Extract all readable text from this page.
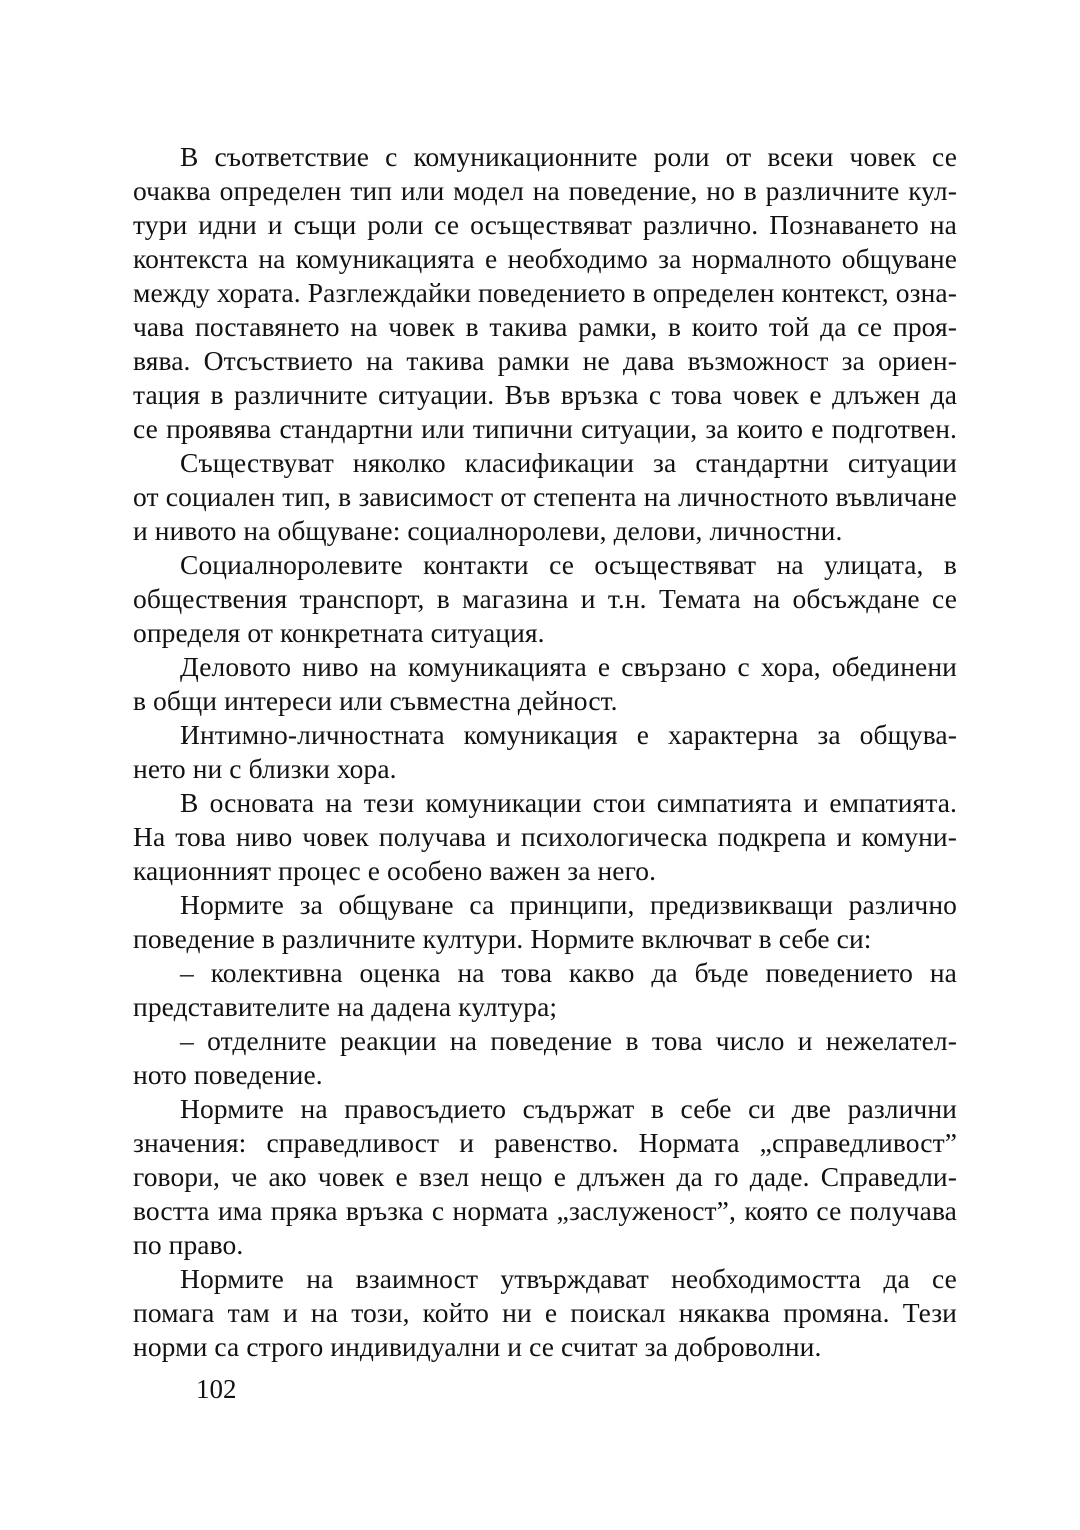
В съответствие с комуникационните роли от всеки човек се
очаква определен тип или модел на поведение, но в различните кул-
тури идни и същи роли се осъществяват различно. Познаването на
контекста на комуникацията е необходимо за нормалното общуване
между хората. Разглеждайки поведението в определен контекст, озна-
чава поставянето на човек в такива рамки, в които той да се проя-
вява. Отсъствието на такива рамки не дава възможност за ориен-
тация в различните ситуации. Във връзка с това човек е длъжен да
се проявява стандартни или типични ситуации, за които е подготвен.
Съществуват няколко класификации за стандартни ситуации
от социален тип, в зависимост от степента на личностното въвличане
и нивото на общуване: социалноролеви, делови, личностни.
Социалноролевите контакти се осъществяват на улицата, в
обществения транспорт, в магазина и т.н. Темата на обсъждане се
определя от конкретната ситуация.
Деловото ниво на комуникацията е свързано с хора, обединени
в общи интереси или съвместна дейност.
Интимно-личностната комуникация е характерна за общува-
нето ни с близки хора.
В основата на тези комуникации стои симпатията и емпатията.
На това ниво човек получава и психологическа подкрепа и комуни-
кационният процес е особено важен за него.
Нормите за общуване са принципи, предизвикващи различно
поведение в различните култури. Нормите включват в себе си:
– колективна оценка на това какво да бъде поведението на
представителите на дадена култура;
– отделните реакции на поведение в това число и нежелател-
ното поведение.
Нормите на правосъдието съдържат в себе си две различни
значения: справедливост и равенство. Нормата „справедливост”
говори, че ако човек е взел нещо е длъжен да го даде. Справедли-
востта има пряка връзка с нормата „заслуженост”, която се получава
по право.
Нормите на взаимност утвърждават необходимостта да се
помага там и на този, който ни е поискал някаква промяна. Тези
норми са строго индивидуални и се считат за доброволни.
102
